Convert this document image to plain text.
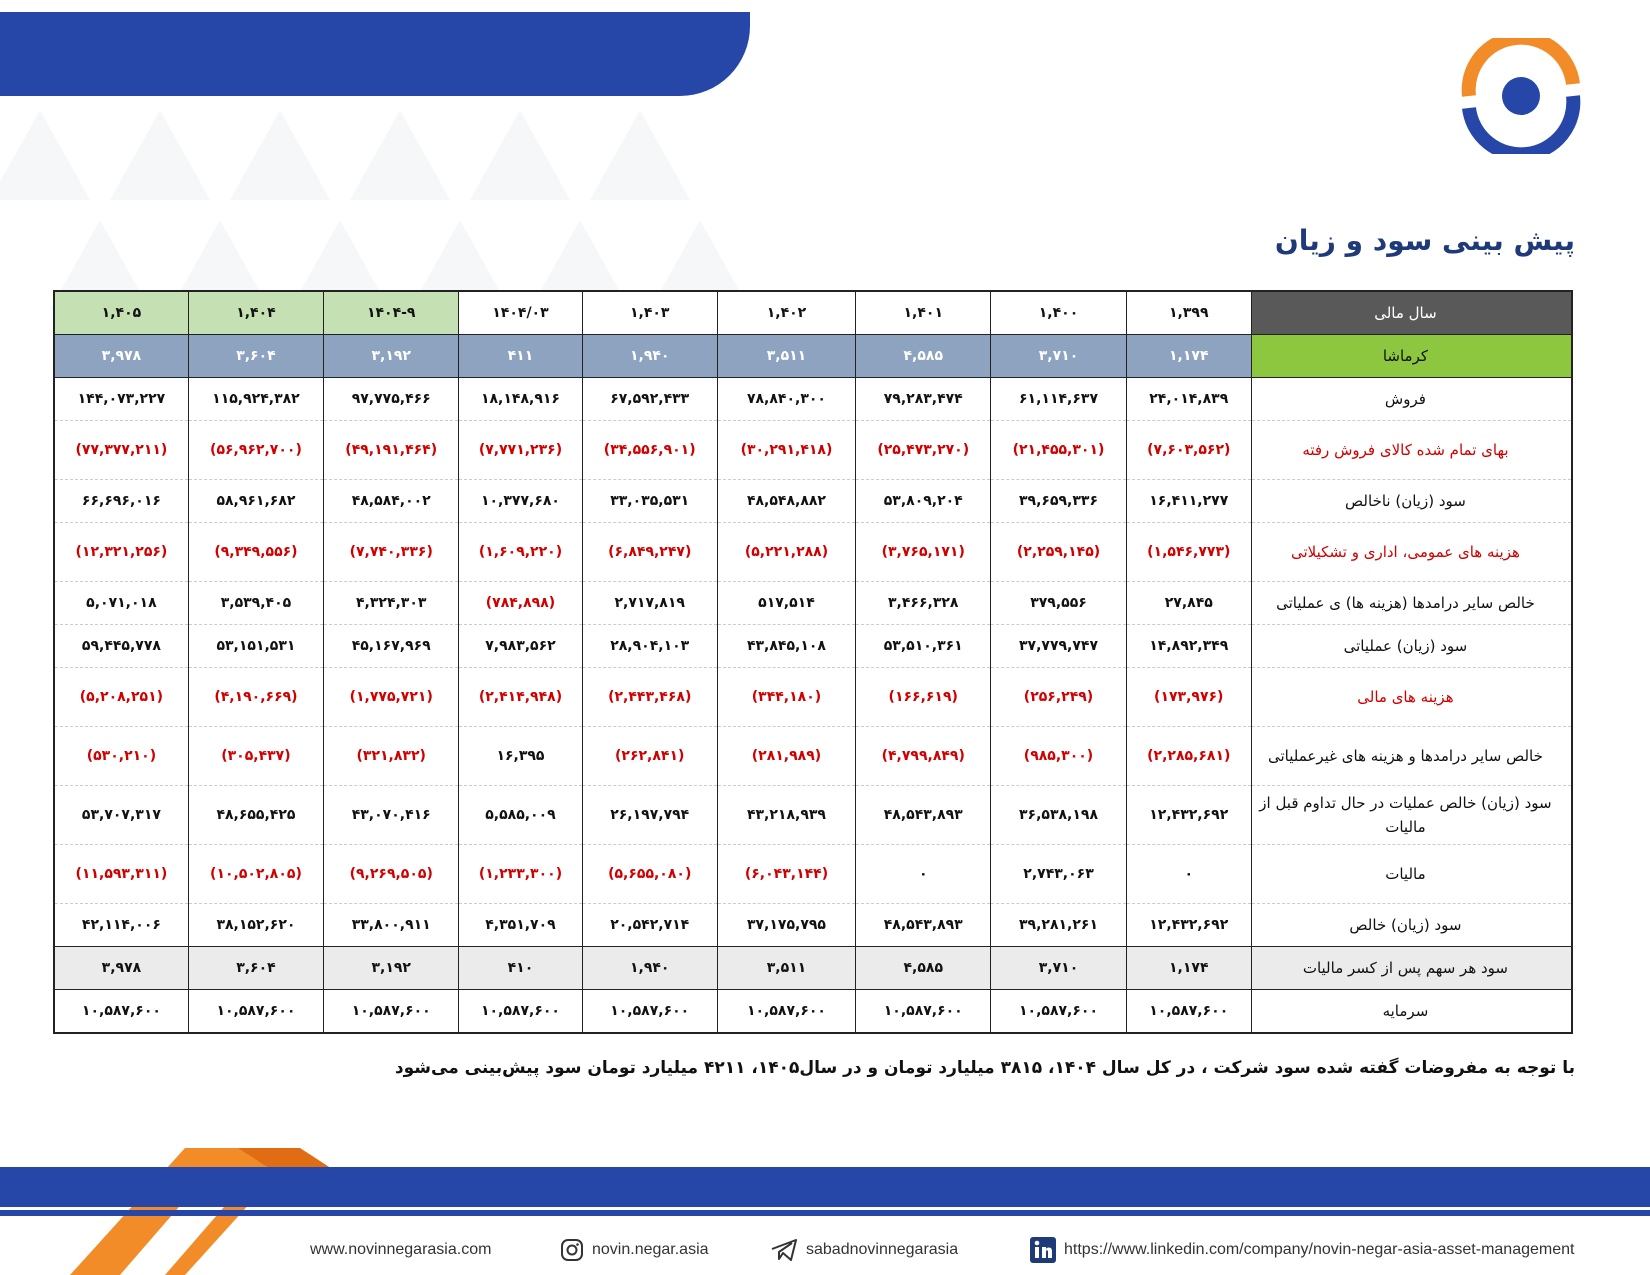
پیش بینی سود و زیان
سال مالی	۱,۳۹۹	۱,۴۰۰	۱,۴۰۱	۱,۴۰۲	۱,۴۰۳	۱۴۰۴/۰۳	۱۴۰۴-۹	۱,۴۰۴	۱,۴۰۵
کرماشا	۱,۱۷۴	۳,۷۱۰	۴,۵۸۵	۳,۵۱۱	۱,۹۴۰	۴۱۱	۳,۱۹۲	۳,۶۰۴	۳,۹۷۸
فروش	۲۴,۰۱۴,۸۳۹	۶۱,۱۱۴,۶۳۷	۷۹,۲۸۳,۴۷۴	۷۸,۸۴۰,۳۰۰	۶۷,۵۹۲,۴۳۳	۱۸,۱۴۸,۹۱۶	۹۷,۷۷۵,۴۶۶	۱۱۵,۹۲۴,۳۸۲	۱۴۴,۰۷۳,۲۲۷
بهای تمام شده کالای فروش رفته	(۷,۶۰۳,۵۶۲)	(۲۱,۴۵۵,۳۰۱)	(۲۵,۴۷۳,۲۷۰)	(۳۰,۲۹۱,۴۱۸)	(۳۴,۵۵۶,۹۰۱)	(۷,۷۷۱,۲۳۶)	(۴۹,۱۹۱,۴۶۴)	(۵۶,۹۶۲,۷۰۰)	(۷۷,۳۷۷,۲۱۱)
سود (زیان) ناخالص	۱۶,۴۱۱,۲۷۷	۳۹,۶۵۹,۳۳۶	۵۳,۸۰۹,۲۰۴	۴۸,۵۴۸,۸۸۲	۳۳,۰۳۵,۵۳۱	۱۰,۳۷۷,۶۸۰	۴۸,۵۸۴,۰۰۲	۵۸,۹۶۱,۶۸۲	۶۶,۶۹۶,۰۱۶
هزینه های عمومی، اداری و تشکیلاتی	(۱,۵۴۶,۷۷۳)	(۲,۲۵۹,۱۴۵)	(۳,۷۶۵,۱۷۱)	(۵,۲۲۱,۲۸۸)	(۶,۸۴۹,۲۴۷)	(۱,۶۰۹,۲۲۰)	(۷,۷۴۰,۳۳۶)	(۹,۳۴۹,۵۵۶)	(۱۲,۳۲۱,۲۵۶)
خالص سایر درامدها (هزینه ها) ی عملیاتی	۲۷,۸۴۵	۳۷۹,۵۵۶	۳,۴۶۶,۳۲۸	۵۱۷,۵۱۴	۲,۷۱۷,۸۱۹	(۷۸۴,۸۹۸)	۴,۳۲۴,۳۰۳	۳,۵۳۹,۴۰۵	۵,۰۷۱,۰۱۸
سود (زیان) عملیاتی	۱۴,۸۹۲,۳۴۹	۳۷,۷۷۹,۷۴۷	۵۳,۵۱۰,۳۶۱	۴۳,۸۴۵,۱۰۸	۲۸,۹۰۴,۱۰۳	۷,۹۸۳,۵۶۲	۴۵,۱۶۷,۹۶۹	۵۳,۱۵۱,۵۳۱	۵۹,۴۴۵,۷۷۸
هزینه های مالی	(۱۷۳,۹۷۶)	(۲۵۶,۲۴۹)	(۱۶۶,۶۱۹)	(۳۴۴,۱۸۰)	(۲,۴۴۳,۴۶۸)	(۲,۴۱۴,۹۴۸)	(۱,۷۷۵,۷۲۱)	(۴,۱۹۰,۶۶۹)	(۵,۲۰۸,۲۵۱)
خالص سایر درامدها و هزینه های غیرعملیاتی	(۲,۲۸۵,۶۸۱)	(۹۸۵,۳۰۰)	(۴,۷۹۹,۸۴۹)	(۲۸۱,۹۸۹)	(۲۶۲,۸۴۱)	۱۶,۳۹۵	(۳۲۱,۸۳۲)	(۳۰۵,۴۳۷)	(۵۳۰,۲۱۰)
سود (زیان) خالص عملیات در حال تداوم قبل از مالیات	۱۲,۴۳۲,۶۹۲	۳۶,۵۳۸,۱۹۸	۴۸,۵۴۳,۸۹۳	۴۳,۲۱۸,۹۳۹	۲۶,۱۹۷,۷۹۴	۵,۵۸۵,۰۰۹	۴۳,۰۷۰,۴۱۶	۴۸,۶۵۵,۴۲۵	۵۳,۷۰۷,۳۱۷
مالیات	۰	۲,۷۴۳,۰۶۳	۰	(۶,۰۴۳,۱۴۴)	(۵,۶۵۵,۰۸۰)	(۱,۲۳۳,۳۰۰)	(۹,۲۶۹,۵۰۵)	(۱۰,۵۰۲,۸۰۵)	(۱۱,۵۹۳,۳۱۱)
سود (زیان) خالص	۱۲,۴۳۲,۶۹۲	۳۹,۲۸۱,۲۶۱	۴۸,۵۴۳,۸۹۳	۳۷,۱۷۵,۷۹۵	۲۰,۵۴۲,۷۱۴	۴,۳۵۱,۷۰۹	۳۳,۸۰۰,۹۱۱	۳۸,۱۵۲,۶۲۰	۴۲,۱۱۴,۰۰۶
سود هر سهم پس از کسر مالیات	۱,۱۷۴	۳,۷۱۰	۴,۵۸۵	۳,۵۱۱	۱,۹۴۰	۴۱۰	۳,۱۹۲	۳,۶۰۴	۳,۹۷۸
سرمایه	۱۰,۵۸۷,۶۰۰	۱۰,۵۸۷,۶۰۰	۱۰,۵۸۷,۶۰۰	۱۰,۵۸۷,۶۰۰	۱۰,۵۸۷,۶۰۰	۱۰,۵۸۷,۶۰۰	۱۰,۵۸۷,۶۰۰	۱۰,۵۸۷,۶۰۰	۱۰,۵۸۷,۶۰۰

با توجه به مفروضات گفته شده سود شرکت ، در کل سال ۱۴۰۴، ۳۸۱۵ میلیارد تومان و در سال۱۴۰۵، ۴۲۱۱ میلیارد تومان سود پیش‌بینی می‌شود

www.novinnegarasia.com	novin.negar.asia	sabadnovinnegarasia	https://www.linkedin.com/company/novin-negar-asia-asset-management
